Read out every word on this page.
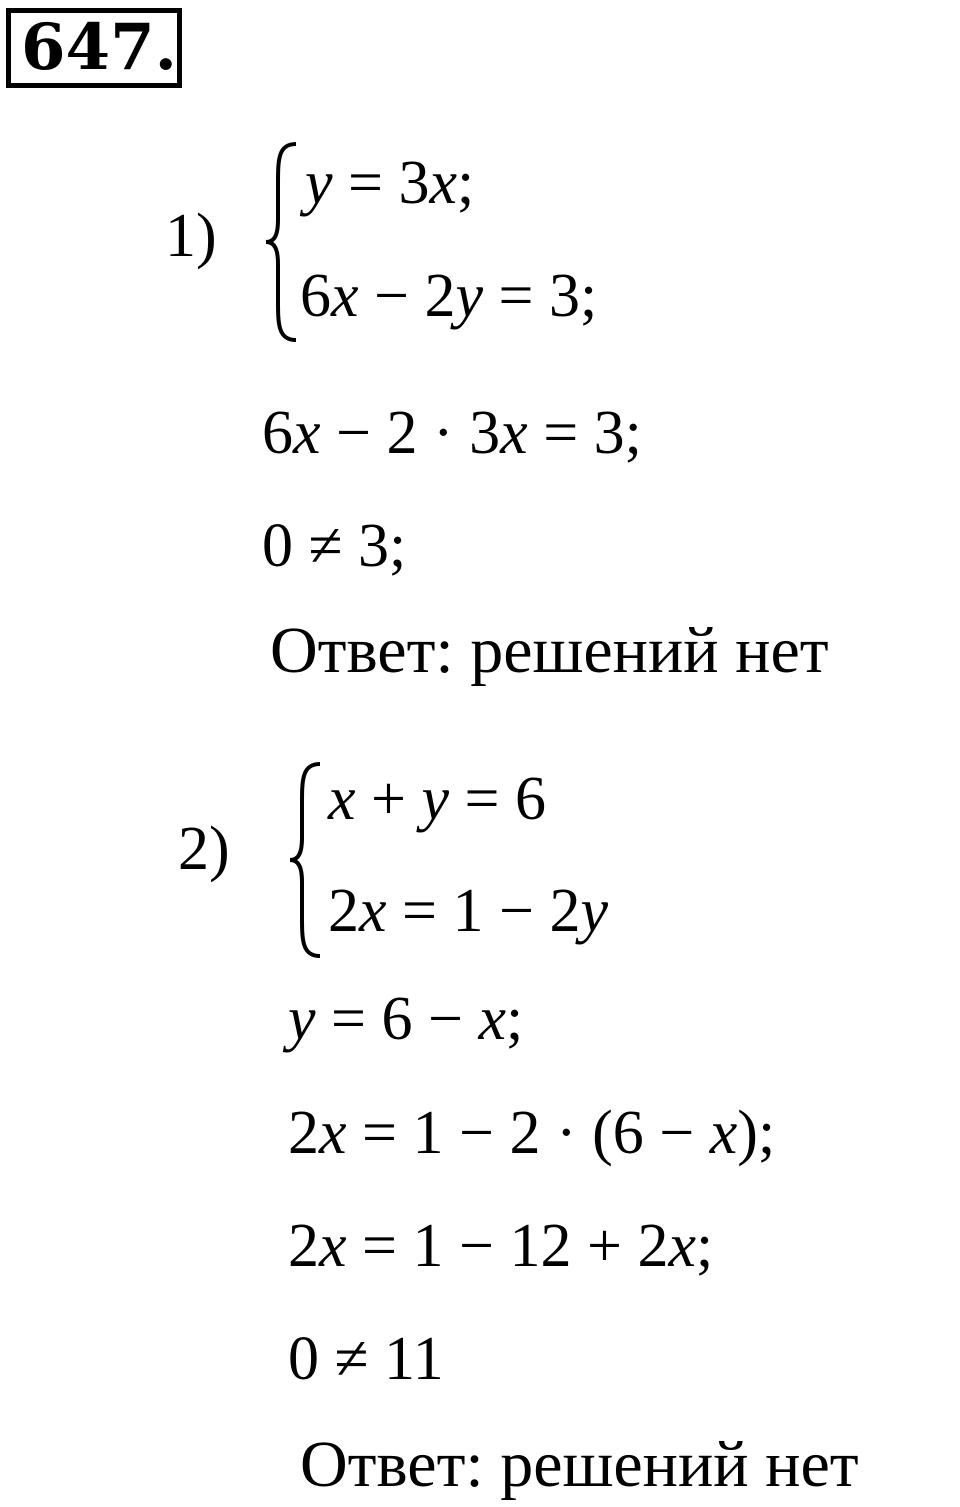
647.
1)
y = 3x;
6x − 2y = 3;
6x − 2 · 3x = 3;
0 ≠ 3;
Ответ: решений нет
2)
x + y = 6
2x = 1 − 2y
y = 6 − x;
2x = 1 − 2 · (6 − x);
2x = 1 − 12 + 2x;
0 ≠ 11
Ответ: решений нет
